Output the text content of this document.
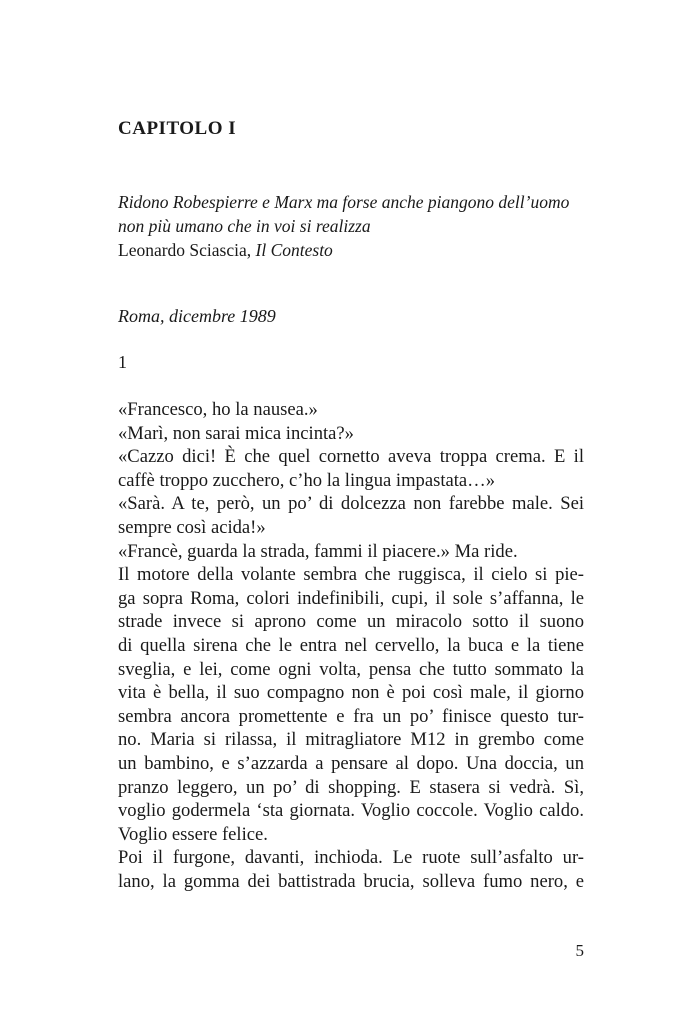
CAPITOLO I
Ridono Robespierre e Marx ma forse anche piangono dell’uomo
non più umano che in voi si realizza
Leonardo Sciascia, Il Contesto

Roma, dicembre 1989

1

«Francesco, ho la nausea.»
«Marì, non sarai mica incinta?»
«Cazzo dici! È che quel cornetto aveva troppa crema. E il
caffè troppo zucchero, c’ho la lingua impastata…»
«Sarà. A te, però, un po’ di dolcezza non farebbe male. Sei
sempre così acida!»
«Francè, guarda la strada, fammi il piacere.» Ma ride.
Il motore della volante sembra che ruggisca, il cielo si pie-
ga sopra Roma, colori indefinibili, cupi, il sole s’affanna, le
strade invece si aprono come un miracolo sotto il suono
di quella sirena che le entra nel cervello, la buca e la tiene
sveglia, e lei, come ogni volta, pensa che tutto sommato la
vita è bella, il suo compagno non è poi così male, il giorno
sembra ancora promettente e fra un po’ finisce questo tur-
no. Maria si rilassa, il mitragliatore M12 in grembo come
un bambino, e s’azzarda a pensare al dopo. Una doccia, un
pranzo leggero, un po’ di shopping. E stasera si vedrà. Sì,
voglio godermela ‘sta giornata. Voglio coccole. Voglio caldo.
Voglio essere felice.
Poi il furgone, davanti, inchioda. Le ruote sull’asfalto ur-
lano, la gomma dei battistrada brucia, solleva fumo nero, e

5
